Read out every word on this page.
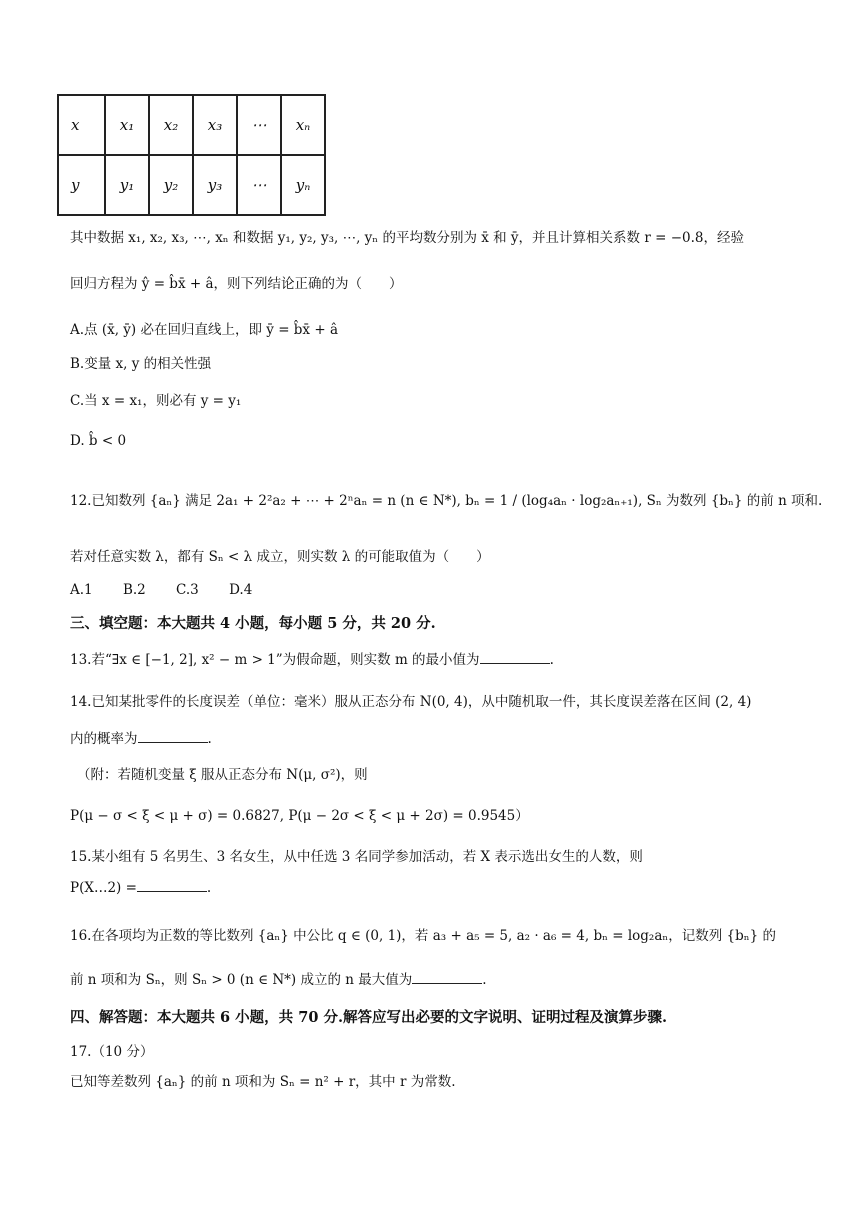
x	x₁	x₂	x₃	⋯	xₙ
y	y₁	y₂	y₃	⋯	yₙ
其中数据 x₁, x₂, x₃, ⋯, xₙ 和数据 y₁, y₂, y₃, ⋯, yₙ 的平均数分别为 x̄ 和 ȳ，并且计算相关系数 r = −0.8，经验
回归方程为 ŷ = b̂x̄ + â，则下列结论正确的为（　　）
A.点 (x̄, ȳ) 必在回归直线上，即 ȳ = b̂x̄ + â
B.变量 x, y 的相关性强
C.当 x = x₁，则必有 y = y₁
D. b̂ < 0
12.已知数列 {aₙ} 满足 2a₁ + 2²a₂ + ⋯ + 2ⁿaₙ = n (n ∈ N*), bₙ = 1 / (log₄aₙ · log₂aₙ₊₁), Sₙ 为数列 {bₙ} 的前 n 项和.
若对任意实数 λ，都有 Sₙ < λ 成立，则实数 λ 的可能取值为（　　）
A.1 B.2 C.3 D.4
三、填空题：本大题共 4 小题，每小题 5 分，共 20 分.
13.若“∃x ∈ [−1, 2], x² − m > 1”为假命题，则实数 m 的最小值为	.
14.已知某批零件的长度误差（单位：毫米）服从正态分布 N(0, 4)，从中随机取一件，其长度误差落在区间 (2, 4)
内的概率为	.
（附：若随机变量 ξ 服从正态分布 N(μ, σ²)，则
P(μ − σ < ξ < μ + σ) = 0.6827, P(μ − 2σ < ξ < μ + 2σ) = 0.9545）
15.某小组有 5 名男生、3 名女生，从中任选 3 名同学参加活动，若 X 表示选出女生的人数，则
P(X…2) =	.
16.在各项均为正数的等比数列 {aₙ} 中公比 q ∈ (0, 1)，若 a₃ + a₅ = 5, a₂ · a₆ = 4, bₙ = log₂aₙ，记数列 {bₙ} 的
前 n 项和为 Sₙ，则 Sₙ > 0 (n ∈ N*) 成立的 n 最大值为	.
四、解答题：本大题共 6 小题，共 70 分.解答应写出必要的文字说明、证明过程及演算步骤.
17.（10 分）
已知等差数列 {aₙ} 的前 n 项和为 Sₙ = n² + r，其中 r 为常数.
